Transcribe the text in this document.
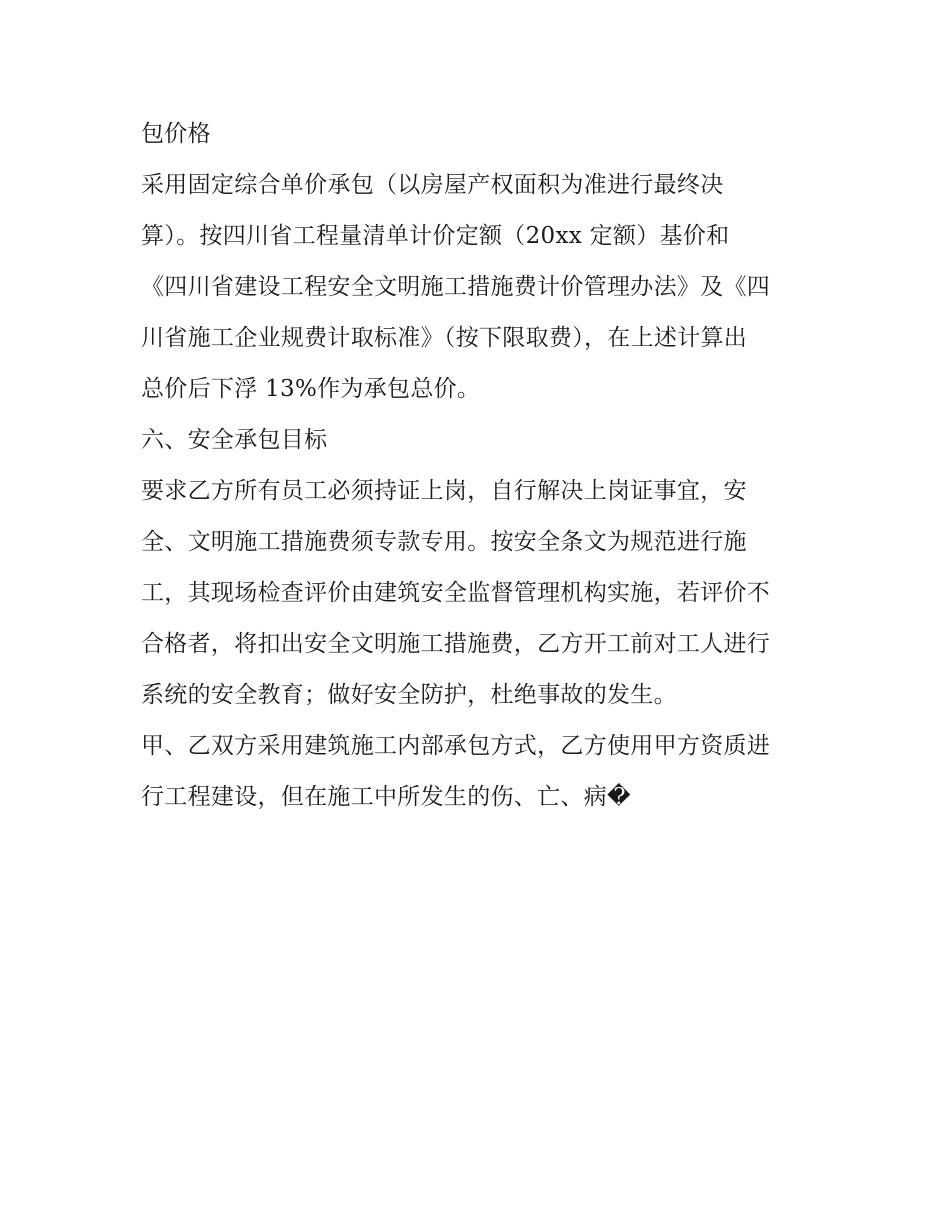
包价格
采用固定综合单价承包（以房屋产权面积为准进行最终决
算）。按四川省工程量清单计价定额（20xx 定额）基价和
《四川省建设工程安全文明施工措施费计价管理办法》及《四
川省施工企业规费计取标准》（按下限取费），在上述计算出
总价后下浮 13%作为承包总价。
六、安全承包目标
要求乙方所有员工必须持证上岗，自行解决上岗证事宜，安
全、文明施工措施费须专款专用。按安全条文为规范进行施
工，其现场检查评价由建筑安全监督管理机构实施，若评价不
合格者，将扣出安全文明施工措施费，乙方开工前对工人进行
系统的安全教育；做好安全防护，杜绝事故的发生。
甲、乙双方采用建筑施工内部承包方式，乙方使用甲方资质进
行工程建设，但在施工中所发生的伤、亡、病�
